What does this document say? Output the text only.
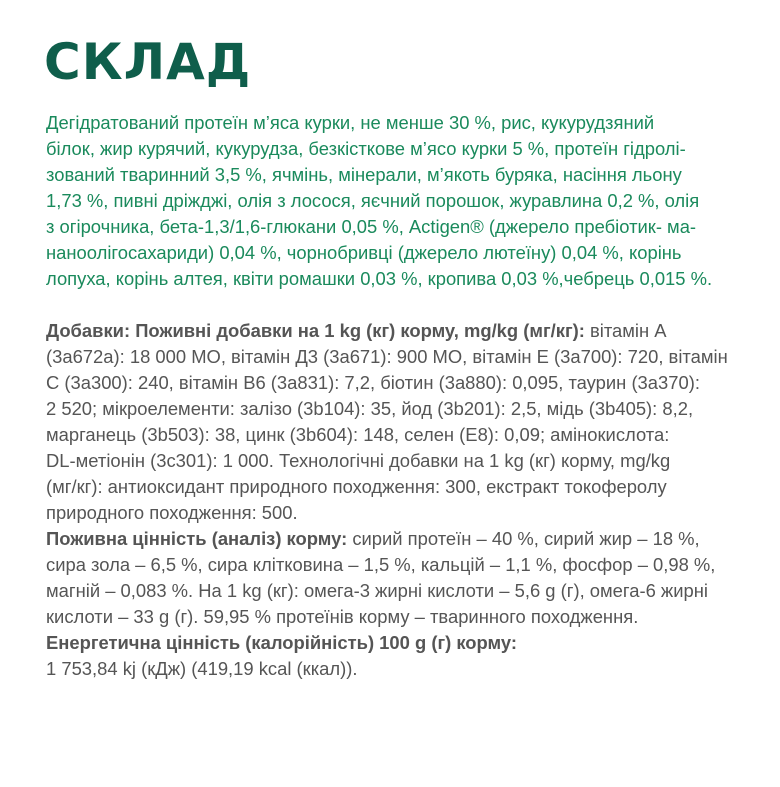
СКЛАД
Дегідратований протеїн м’яса курки, не менше 30 %, рис, кукурудзяний
білок, жир курячий, кукурудза, безкісткове м’ясо курки 5 %, протеїн гідролі-
зований тваринний 3,5 %, ячмінь, мінерали, м’якоть буряка, насіння льону
1,73 %, пивні дріжджі, олія з лосося, яєчний порошок, журавлина 0,2 %, олія
з огірочника, бета-1,3/1,6-глюкани 0,05 %, Actigen® (джерело пребіотик- ма-
наноолігосахариди) 0,04 %, чорнобривці (джерело лютеїну) 0,04 %, корінь
лопуха, корінь алтея, квіти ромашки 0,03 %, кропива 0,03 %,чебрець 0,015 %.
Добавки: Поживні добавки на 1 kg (кг) корму, mg/kg (мг/кг): вітамін А
(3а672а): 18 000 МО, вітамін Д3 (3а671): 900 МО, вітамін Е (3а700): 720, вітамін
С (3а300): 240, вітамін В6 (3а831): 7,2, біотин (3а880): 0,095, таурин (3а370):
2 520; мікроелементи: залізо (3b104): 35, йод (3b201): 2,5, мідь (3b405): 8,2,
марганець (3b503): 38, цинк (3b604): 148, селен (E8): 0,09; амінокислота:
DL-метіонін (3c301): 1 000. Технологічні добавки на 1 kg (кг) корму, mg/kg
(мг/кг): антиоксидант природного походження: 300, екстракт токоферолу
природного походження: 500.
Поживна цінність (аналіз) корму: сирий протеїн – 40 %, сирий жир – 18 %,
сира зола – 6,5 %, сира клітковина – 1,5 %, кальцій – 1,1 %, фосфор – 0,98 %,
магній – 0,083 %. На 1 kg (кг): омега-3 жирні кислоти – 5,6 g (г), омега-6 жирні
кислоти – 33 g (г). 59,95 % протеїнів корму – тваринного походження.
Енергетична цінність (калорійність) 100 g (г) корму:
1 753,84 kj (кДж) (419,19 kcal (ккал)).
